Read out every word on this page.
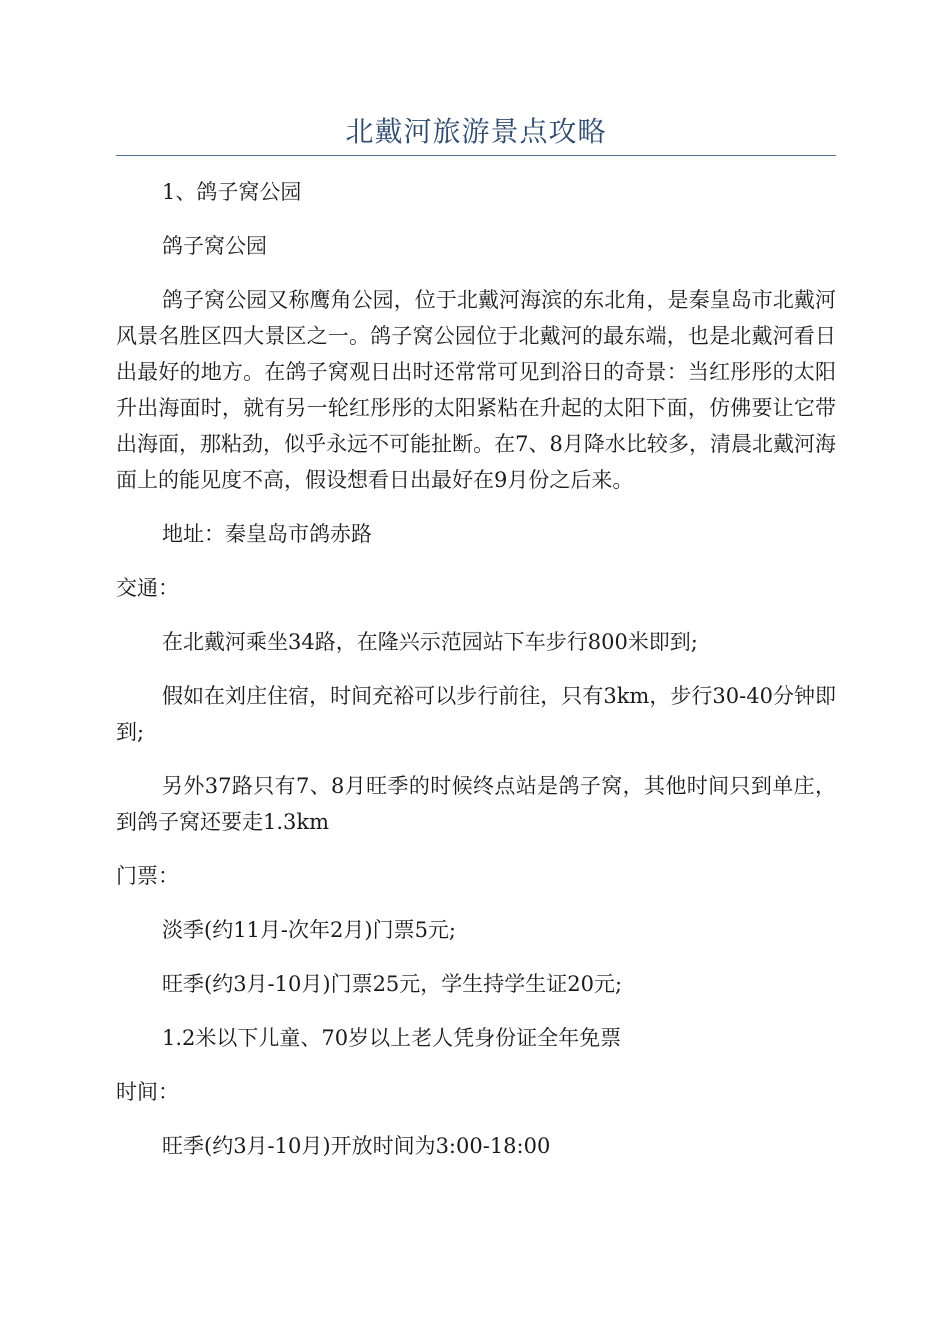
北戴河旅游景点攻略

1、鸽子窝公园

鸽子窝公园

鸽子窝公园又称鹰角公园，位于北戴河海滨的东北角，是秦皇岛市北戴河风景名胜区四大景区之一。鸽子窝公园位于北戴河的最东端，也是北戴河看日出最好的地方。在鸽子窝观日出时还常常可见到浴日的奇景：当红彤彤的太阳升出海面时，就有另一轮红彤彤的太阳紧粘在升起的太阳下面，仿佛要让它带出海面，那粘劲，似乎永远不可能扯断。在7、8月降水比较多，清晨北戴河海面上的能见度不高，假设想看日出最好在9月份之后来。

地址：秦皇岛市鸽赤路

交通：

在北戴河乘坐34路，在隆兴示范园站下车步行800米即到;

假如在刘庄住宿，时间充裕可以步行前往，只有3km，步行30-40分钟即到;

另外37路只有7、8月旺季的时候终点站是鸽子窝，其他时间只到单庄，到鸽子窝还要走1.3km

门票：

淡季(约11月-次年2月)门票5元;

旺季(约3月-10月)门票25元，学生持学生证20元;

1.2米以下儿童、70岁以上老人凭身份证全年免票

时间：

旺季(约3月-10月)开放时间为3:00-18:00
